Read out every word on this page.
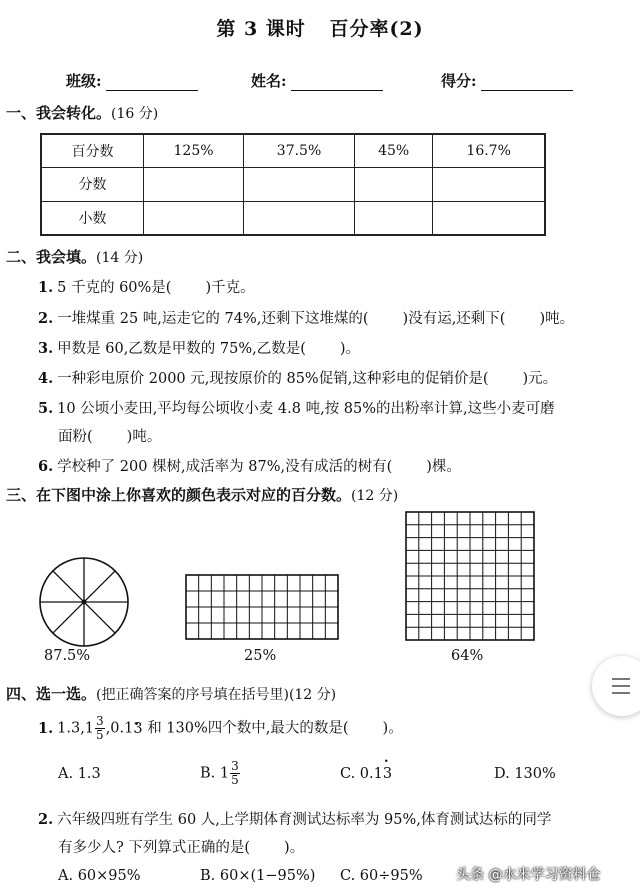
第 3 课时 百分率(2)
班级:	姓名:	得分:
一、我会转化。(16 分)
百分数	125%	37.5%	45%	16.7%
分数				
小数				
二、我会填。(14 分)
1. 5 千克的 60%是( )千克。
2. 一堆煤重 25 吨,运走它的 74%,还剩下这堆煤的( )没有运,还剩下( )吨。
3. 甲数是 60,乙数是甲数的 75%,乙数是( )。
4. 一种彩电原价 2000 元,现按原价的 85%促销,这种彩电的促销价是( )元。
5. 10 公顷小麦田,平均每公顷收小麦 4.8 吨,按 85%的出粉率计算,这些小麦可磨
面粉( )吨。
6. 学校种了 200 棵树,成活率为 87%,没有成活的树有( )棵。
三、在下图中涂上你喜欢的颜色表示对应的百分数。(12 分)
87.5%	25%	64%
四、选一选。(把正确答案的序号填在括号里)(12 分)
1. $1.3,1 \frac{3}{5}$ ,0.1• 3 和 130%四个数中,最大的数是( )。
A. 1.3	B. $1 \frac{3}{5}$	C. 0.1• 3	D. 130%
2. 六年级四班有学生 60 人,上学期体育测试达标率为 95%,体育测试达标的同学
有多少人? 下列算式正确的是( )。
A. 60×95%	B. 60×(1−95%) C. 60÷95% 头条 @水米学习资料仓
